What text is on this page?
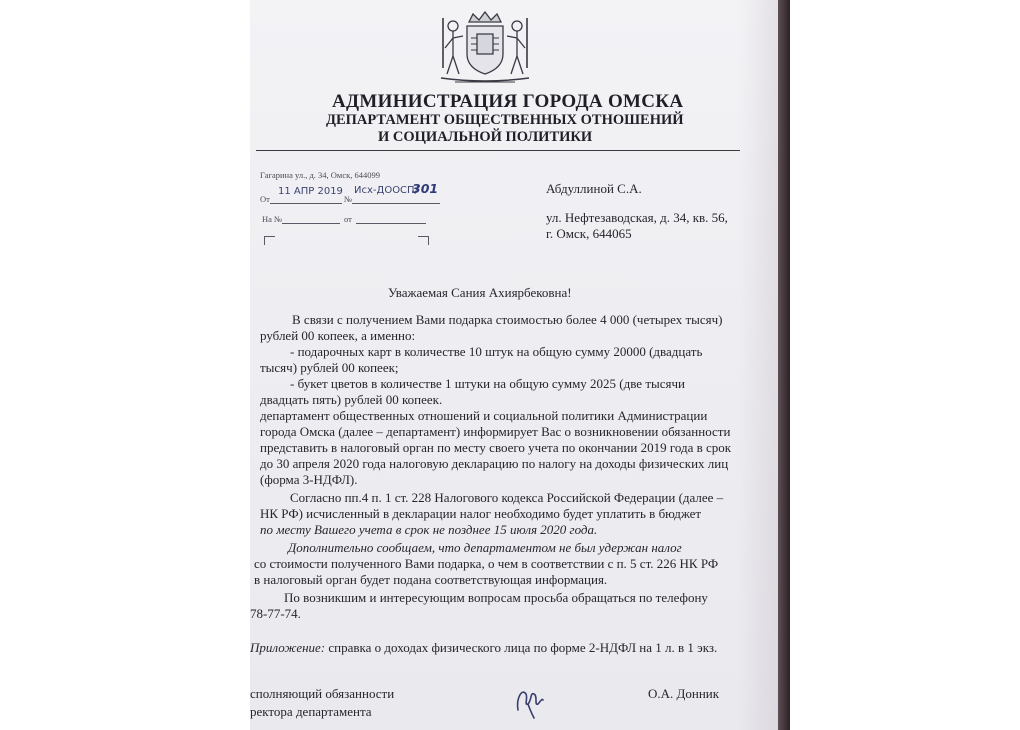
АДМИНИСТРАЦИЯ ГОРОДА ОМСКА
ДЕПАРТАМЕНТ ОБЩЕСТВЕННЫХ ОТНОШЕНИЙ
И СОЦИАЛЬНОЙ ПОЛИТИКИ
Гагарина ул., д. 34, Омск, 644099
От
11 АПР 2019
№
Исх-ДООСП/
301
На №	от
Абдуллиной С.А.
ул. Нефтезаводская, д. 34, кв. 56,
г. Омск, 644065
Уважаемая Сания Ахиярбековна!
В связи с получением Вами подарка стоимостью более 4 000 (четырех тысяч)
рублей 00 копеек, а именно:
- подарочных карт в количестве 10 штук на общую сумму 20000 (двадцать
тысяч) рублей 00 копеек;
- букет цветов в количестве 1 штуки на общую сумму 2025 (две тысячи
двадцать пять) рублей 00 копеек.
департамент общественных отношений и социальной политики Администрации
города Омска (далее – департамент) информирует Вас о возникновении обязанности
представить в налоговый орган по месту своего учета по окончании 2019 года в срок
до 30 апреля 2020 года налоговую декларацию по налогу на доходы физических лиц
(форма 3-НДФЛ).
Согласно пп.4 п. 1 ст. 228 Налогового кодекса Российской Федерации (далее –
НК РФ) исчисленный в декларации налог необходимо будет уплатить в бюджет
по месту Вашего учета в срок не позднее 15 июля 2020 года.
Дополнительно сообщаем, что департаментом не был удержан налог
со стоимости полученного Вами подарка, о чем в соответствии с п. 5 ст. 226 НК РФ
в налоговый орган будет подана соответствующая информация.
По возникшим и интересующим вопросам просьба обращаться по телефону
78-77-74.
Приложение: справка о доходах физического лица по форме 2-НДФЛ на 1 л. в 1 экз.
сполняющий обязанности
ректора департамента
О.А. Донник
